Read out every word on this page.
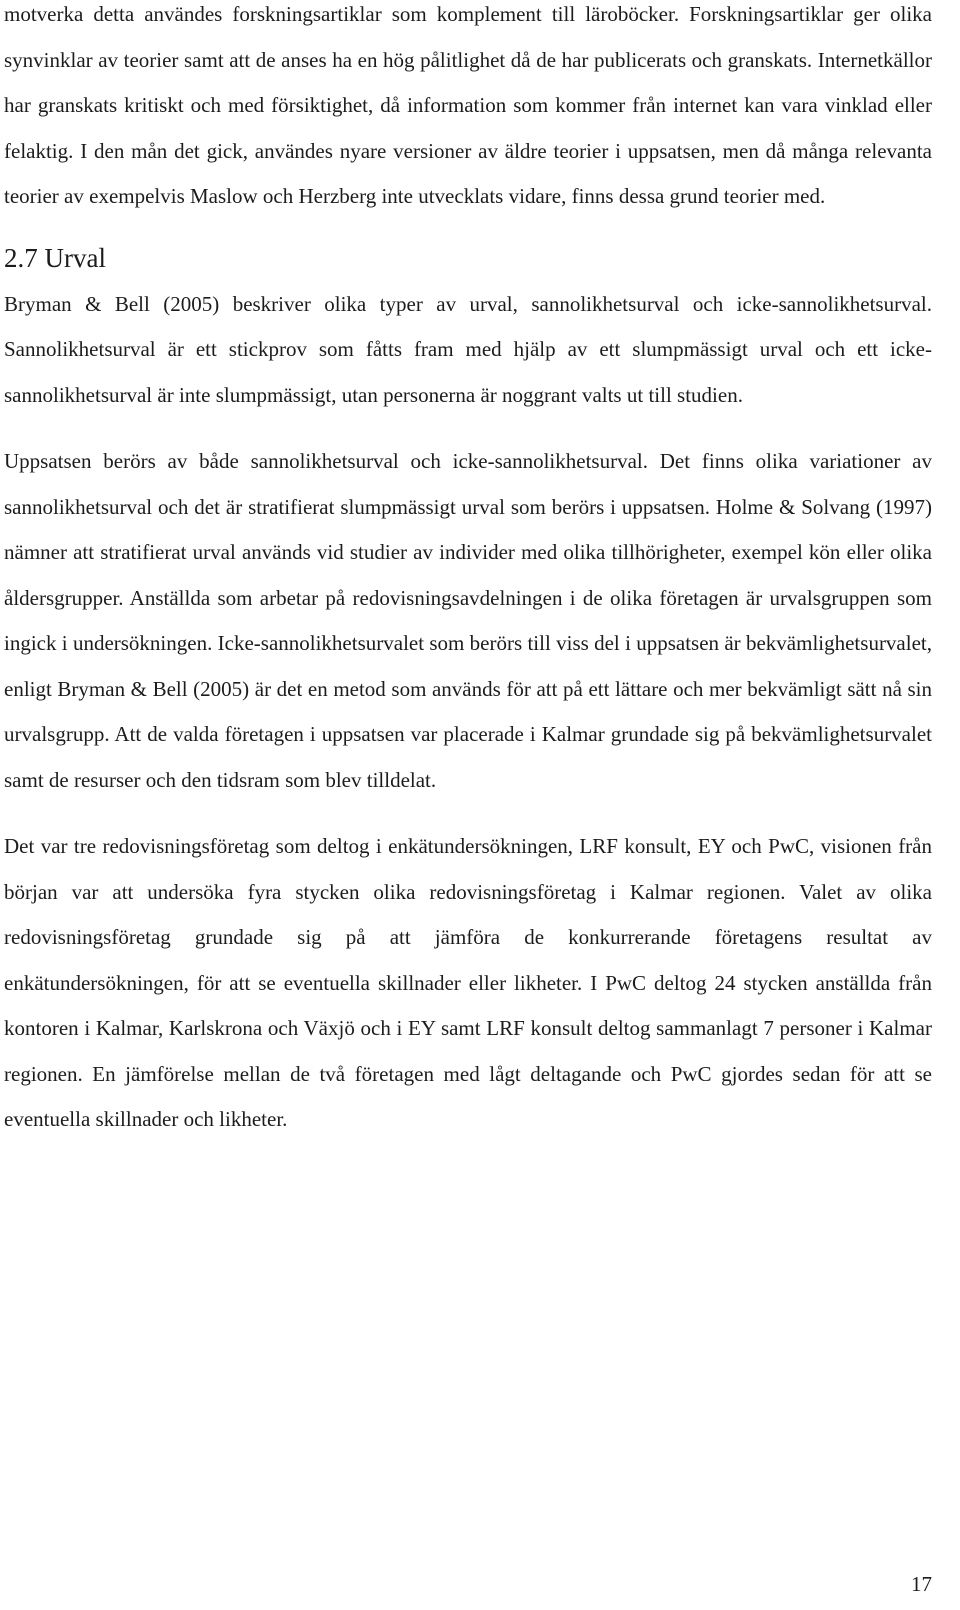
motverka detta användes forskningsartiklar som komplement till läroböcker. Forskningsartiklar ger olika synvinklar av teorier samt att de anses ha en hög pålitlighet då de har publicerats och granskats. Internetkällor har granskats kritiskt och med försiktighet, då information som kommer från internet kan vara vinklad eller felaktig. I den mån det gick, användes nyare versioner av äldre teorier i uppsatsen, men då många relevanta teorier av exempelvis Maslow och Herzberg inte utvecklats vidare, finns dessa grund teorier med.

2.7 Urval

Bryman & Bell (2005) beskriver olika typer av urval, sannolikhetsurval och icke-sannolikhetsurval. Sannolikhetsurval är ett stickprov som fåtts fram med hjälp av ett slumpmässigt urval och ett icke-sannolikhetsurval är inte slumpmässigt, utan personerna är noggrant valts ut till studien.

Uppsatsen berörs av både sannolikhetsurval och icke-sannolikhetsurval. Det finns olika variationer av sannolikhetsurval och det är stratifierat slumpmässigt urval som berörs i uppsatsen. Holme & Solvang (1997) nämner att stratifierat urval används vid studier av individer med olika tillhörigheter, exempel kön eller olika åldersgrupper. Anställda som arbetar på redovisningsavdelningen i de olika företagen är urvalsgruppen som ingick i undersökningen. Icke-sannolikhetsurvalet som berörs till viss del i uppsatsen är bekvämlighetsurvalet, enligt Bryman & Bell (2005) är det en metod som används för att på ett lättare och mer bekvämligt sätt nå sin urvalsgrupp. Att de valda företagen i uppsatsen var placerade i Kalmar grundade sig på bekvämlighetsurvalet samt de resurser och den tidsram som blev tilldelat.

Det var tre redovisningsföretag som deltog i enkätundersökningen, LRF konsult, EY och PwC, visionen från början var att undersöka fyra stycken olika redovisningsföretag i Kalmar regionen. Valet av olika redovisningsföretag grundade sig på att jämföra de konkurrerande företagens resultat av enkätundersökningen, för att se eventuella skillnader eller likheter. I PwC deltog 24 stycken anställda från kontoren i Kalmar, Karlskrona och Växjö och i EY samt LRF konsult deltog sammanlagt 7 personer i Kalmar regionen. En jämförelse mellan de två företagen med lågt deltagande och PwC gjordes sedan för att se eventuella skillnader och likheter.

17
